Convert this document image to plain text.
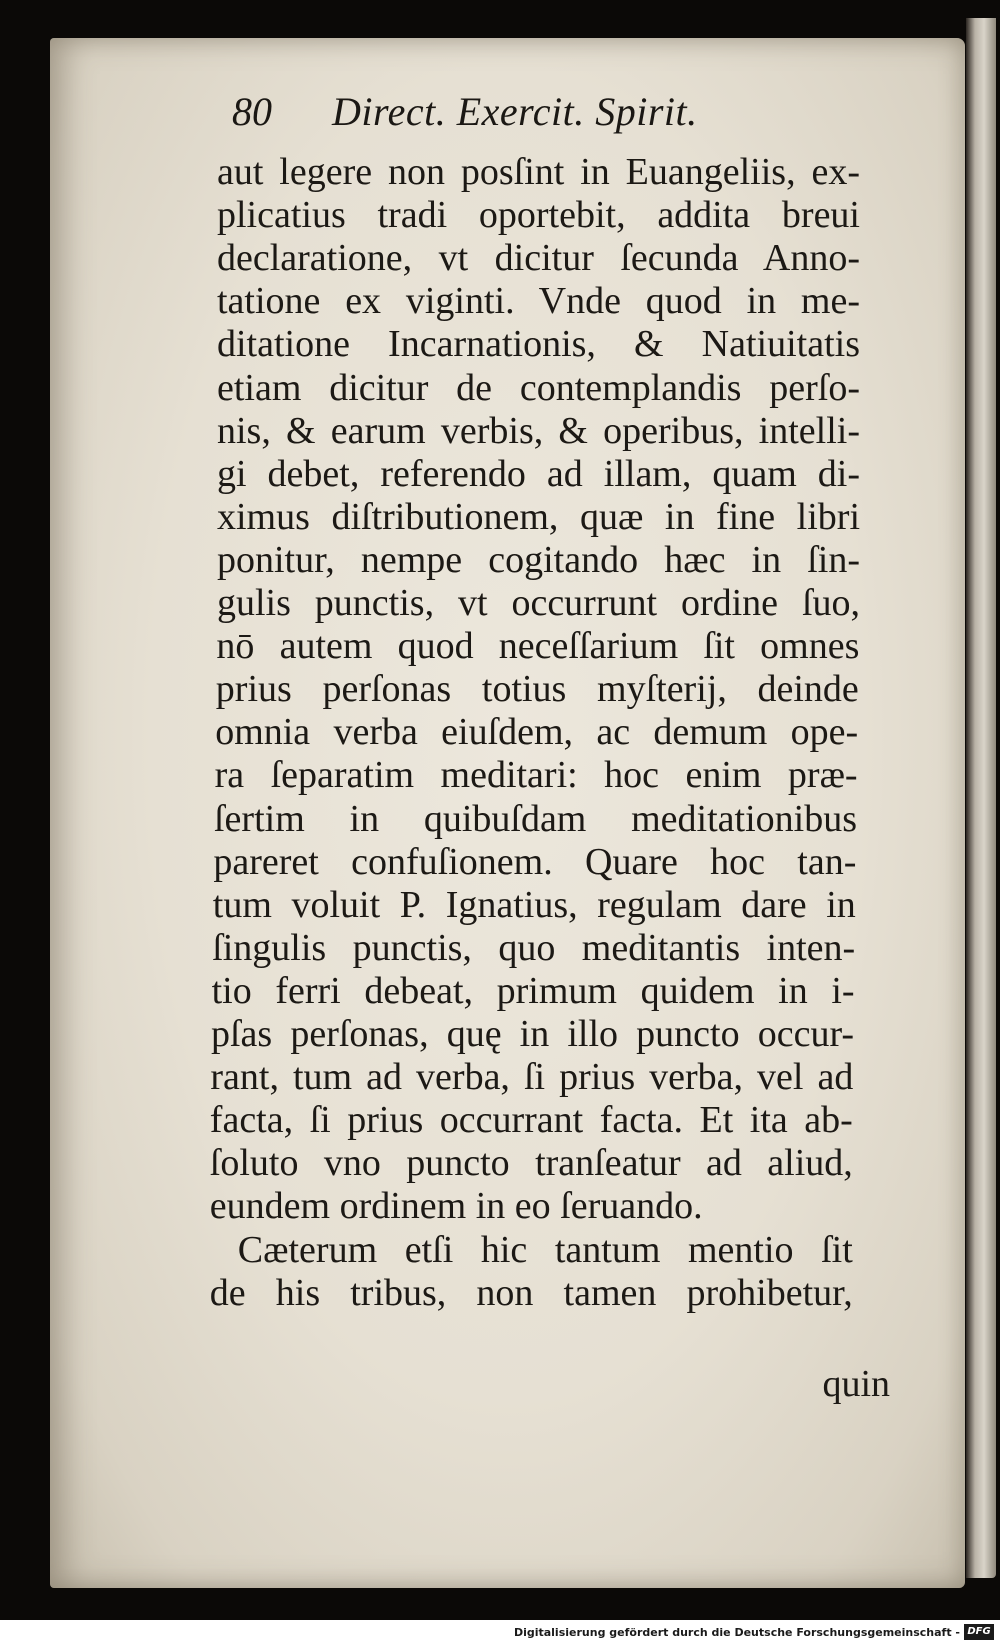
80 Direct. Exercit. Spirit.
aut legere non posſint in Euangeliis, ex-
plicatius tradi oportebit, addita breui
declaratione, vt dicitur ſecunda Anno-
tatione ex viginti. Vnde quod in me-
ditatione Incarnationis, & Natiuitatis
etiam dicitur de contemplandis perſo-
nis, & earum verbis, & operibus, intelli-
gi debet, referendo ad illam, quam di-
ximus diſtributionem, quæ in fine libri
ponitur, nempe cogitando hæc in ſin-
gulis punctis, vt occurrunt ordine ſuo,
nō autem quod neceſſarium ſit omnes
prius perſonas totius myſterij, deinde
omnia verba eiuſdem, ac demum ope-
ra ſeparatim meditari: hoc enim præ-
ſertim in quibuſdam meditationibus
pareret confuſionem. Quare hoc tan-
tum voluit P. Ignatius, regulam dare in
ſingulis punctis, quo meditantis inten-
tio ferri debeat, primum quidem in i-
pſas perſonas, quę in illo puncto occur-
rant, tum ad verba, ſi prius verba, vel ad
facta, ſi prius occurrant facta. Et ita ab-
ſoluto vno puncto tranſeatur ad aliud,
eundem ordinem in eo ſeruando.
Cæterum etſi hic tantum mentio ſit
de his tribus, non tamen prohibetur,
quin
Digitalisierung gefördert durch die Deutsche Forschungsgemeinschaft - DFG
